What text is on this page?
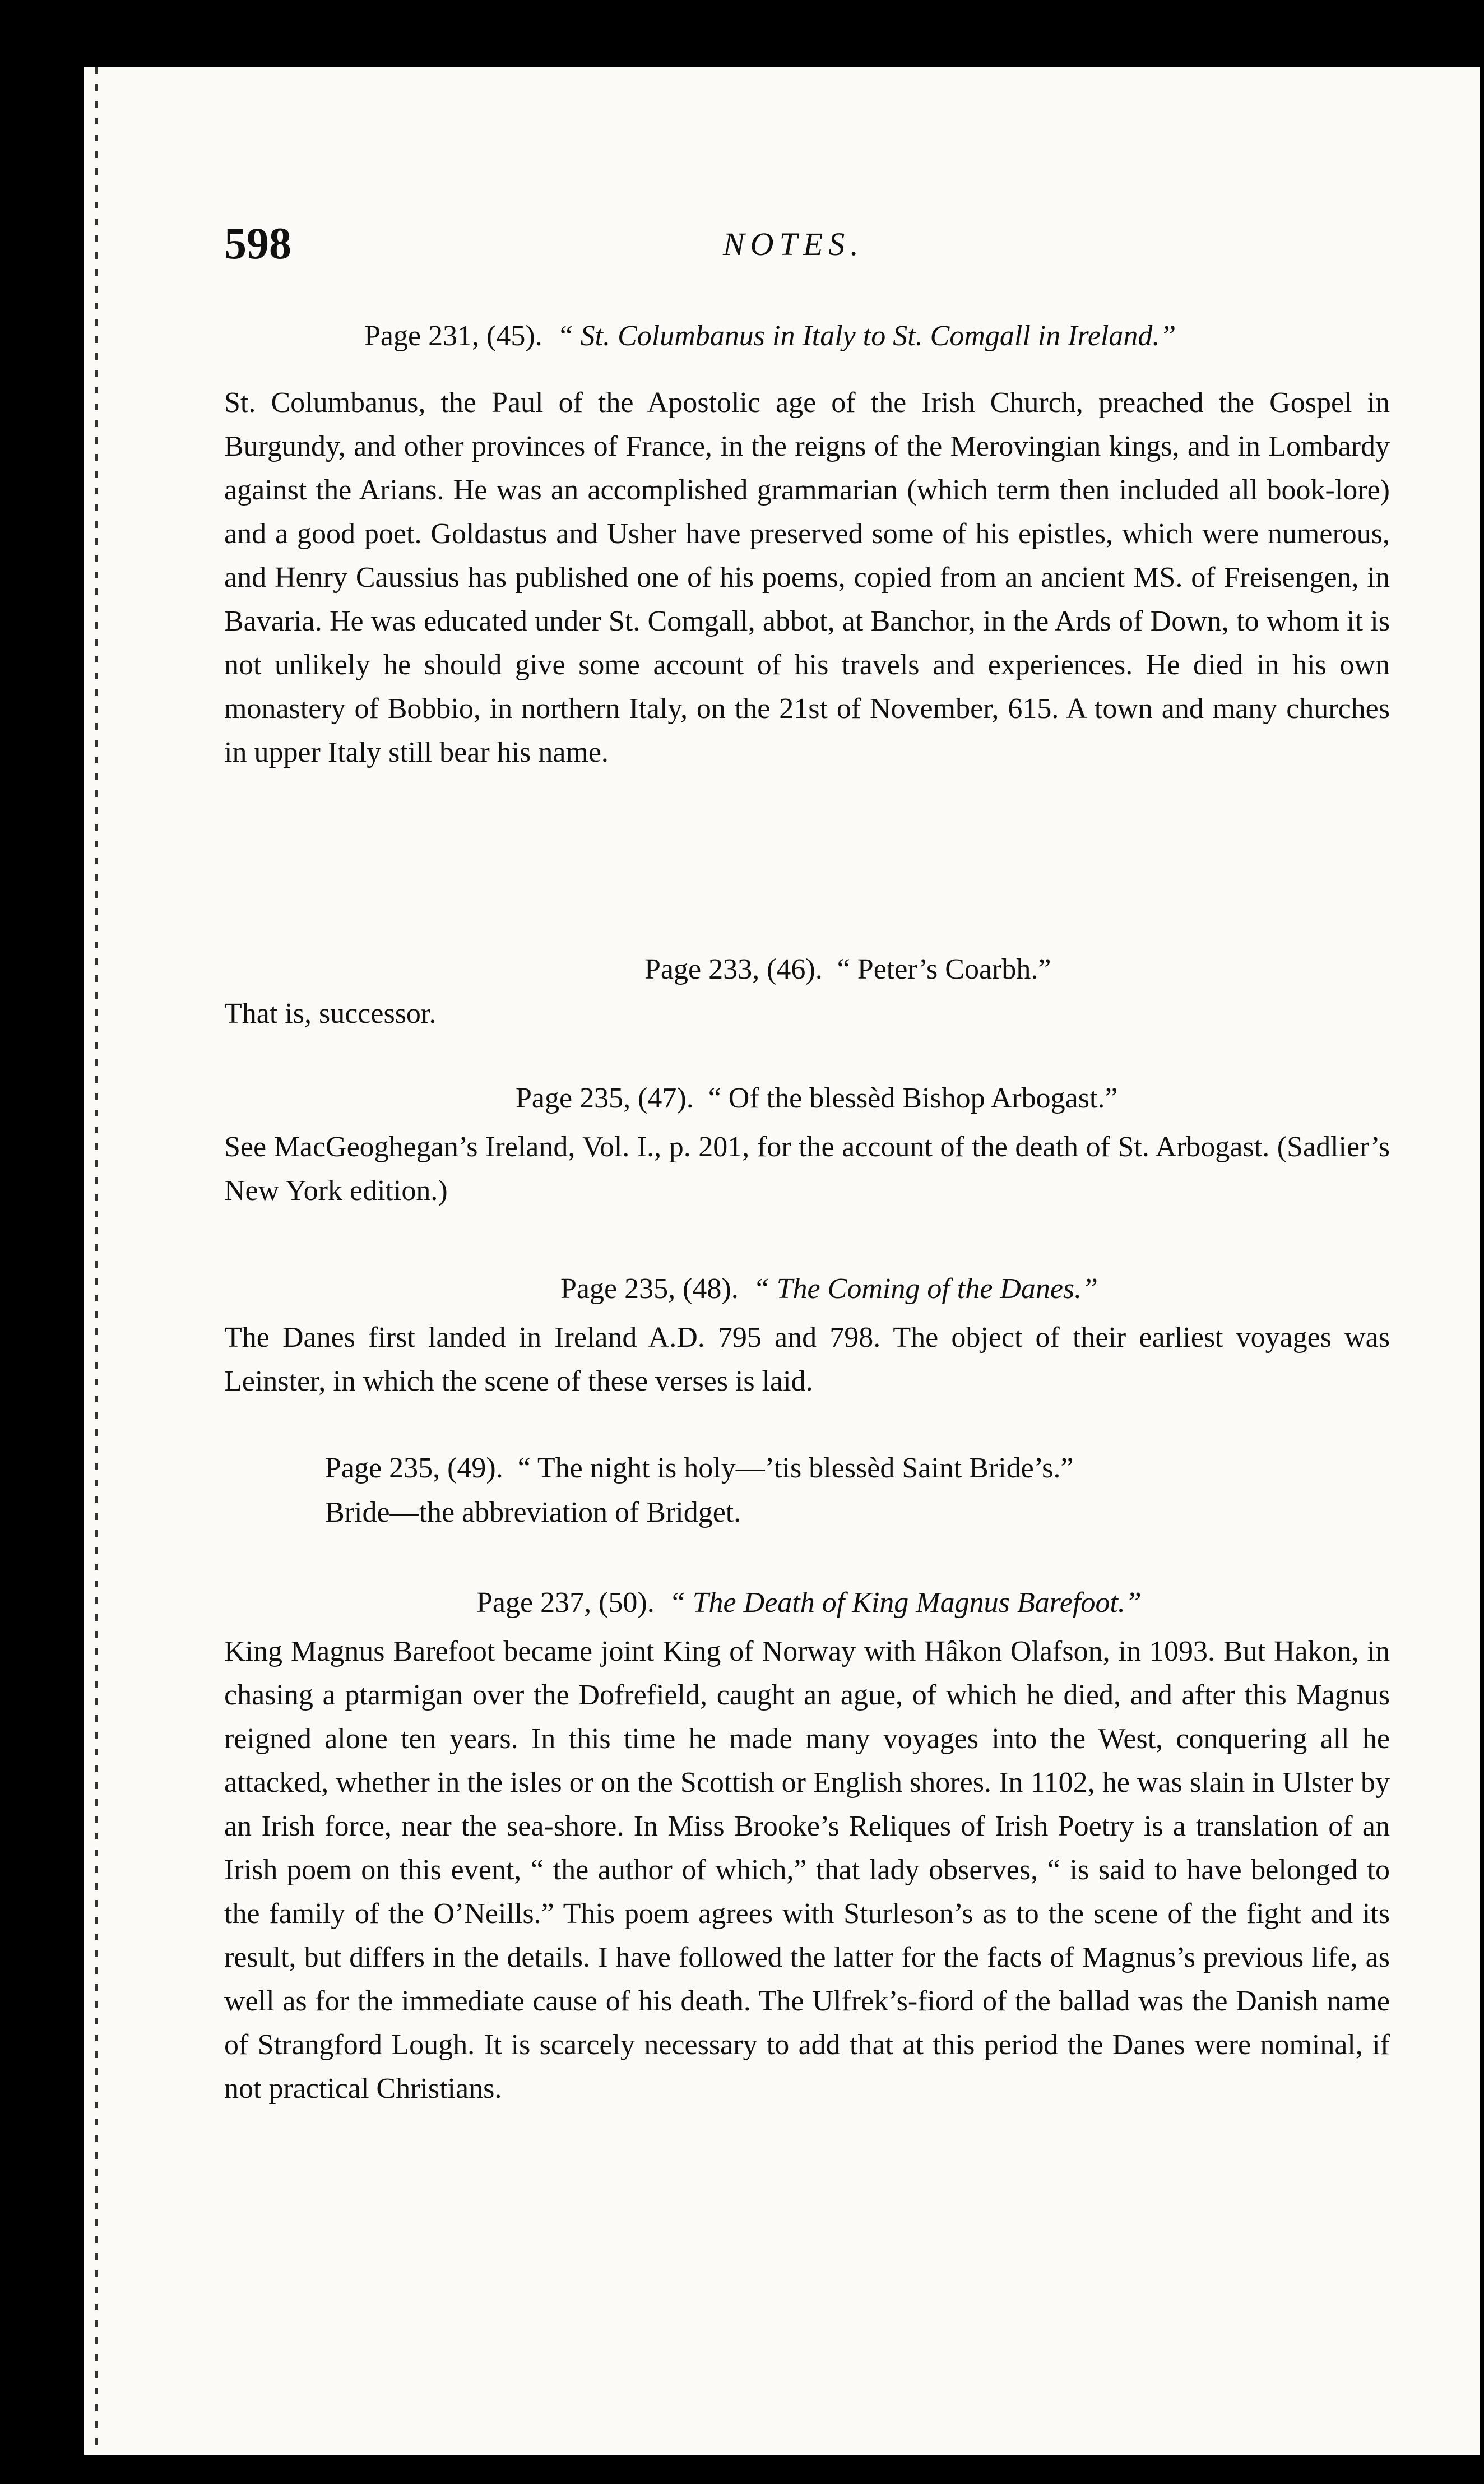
598	NOTES.
Page 231, (45). “ St. Columbanus in Italy to St. Comgall in Ireland.”

St. Columbanus, the Paul of the Apostolic age of the Irish Church, preached the Gospel in Burgundy, and other provinces of France, in the reigns of the Merovingian kings, and in Lombardy against the Arians. He was an accomplished grammarian (which term then included all book-lore) and a good poet. Goldastus and Usher have preserved some of his epistles, which were numerous, and Henry Caussius has published one of his poems, copied from an ancient MS. of Freisengen, in Bavaria. He was educated under St. Comgall, abbot, at Banchor, in the Ards of Down, to whom it is not unlikely he should give some account of his travels and experiences. He died in his own monastery of Bobbio, in northern Italy, on the 21st of November, 615. A town and many churches in upper Italy still bear his name.

Page 233, (46). “ Peter’s Coarbh.”

That is, successor.

Page 235, (47). “ Of the blessèd Bishop Arbogast.”

See MacGeoghegan’s Ireland, Vol. I., p. 201, for the account of the death of St. Arbogast. (Sadlier’s New York edition.)

Page 235, (48). “ The Coming of the Danes.”

The Danes first landed in Ireland A.D. 795 and 798. The object of their earliest voyages was Leinster, in which the scene of these verses is laid.

Page 235, (49). “ The night is holy—’tis blessèd Saint Bride’s.”

Bride—the abbreviation of Bridget.

Page 237, (50). “ The Death of King Magnus Barefoot.”

King Magnus Barefoot became joint King of Norway with Hâkon Olafson, in 1093. But Hakon, in chasing a ptarmigan over the Dofrefield, caught an ague, of which he died, and after this Magnus reigned alone ten years. In this time he made many voyages into the West, conquering all he attacked, whether in the isles or on the Scottish or English shores. In 1102, he was slain in Ulster by an Irish force, near the sea-shore. In Miss Brooke’s Reliques of Irish Poetry is a translation of an Irish poem on this event, “ the author of which,” that lady observes, “ is said to have belonged to the family of the O’Neills.” This poem agrees with Sturleson’s as to the scene of the fight and its result, but differs in the details. I have followed the latter for the facts of Magnus’s previous life, as well as for the immediate cause of his death. The Ulfrek’s-fiord of the ballad was the Danish name of Strangford Lough. It is scarcely necessary to add that at this period the Danes were nominal, if not practical Christians.
